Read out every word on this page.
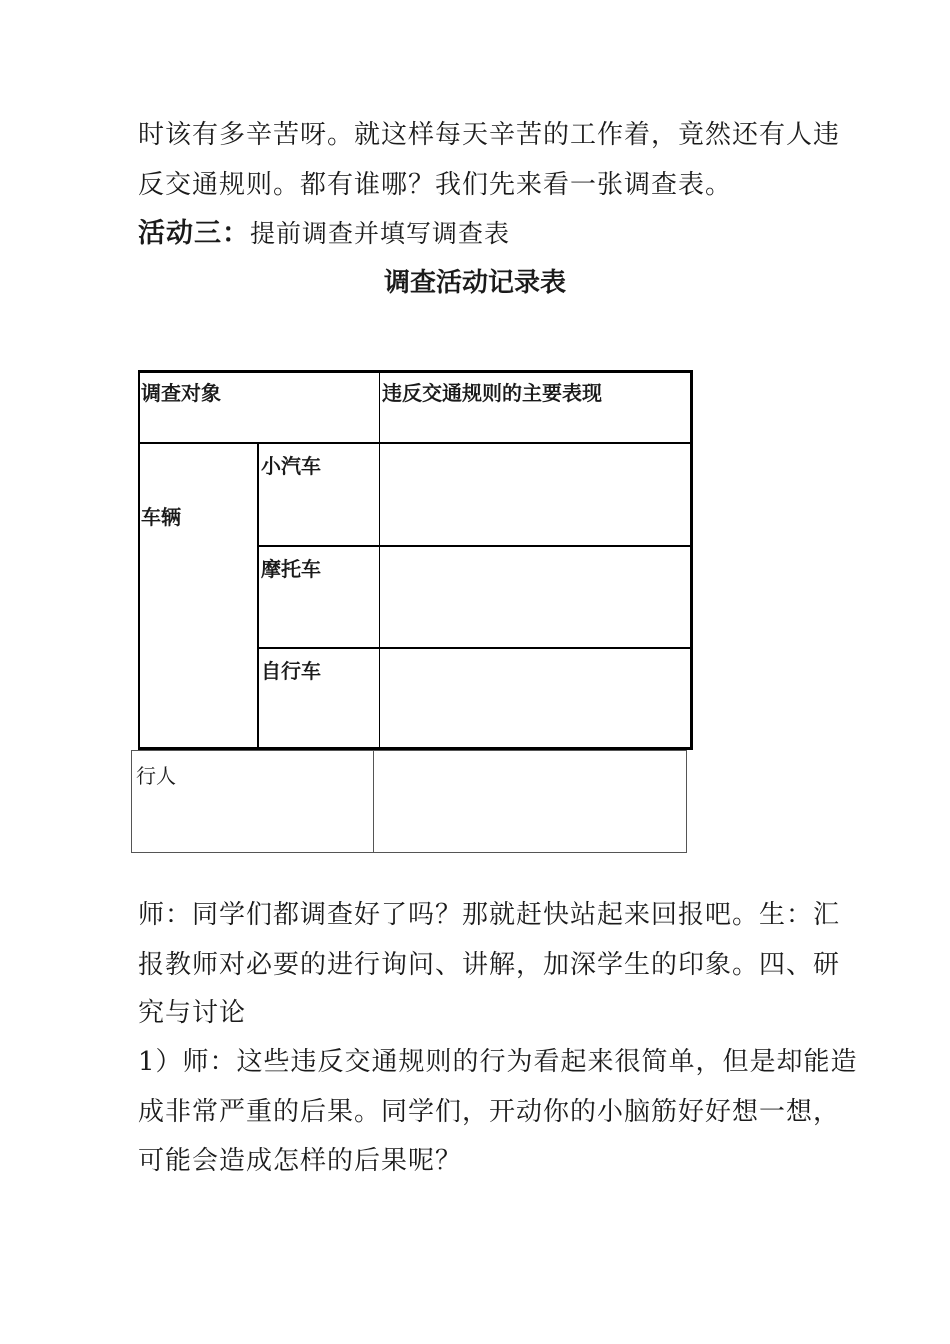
时该有多辛苦呀。就这样每天辛苦的工作着，竟然还有人违
反交通规则。都有谁哪？我们先来看一张调查表。
活动三：提前调查并填写调查表
调查活动记录表
调查对象	违反交通规则的主要表现
车辆
小汽车
摩托车
自行车
行人
师：同学们都调查好了吗？那就赶快站起来回报吧。生：汇
报教师对必要的进行询问、讲解，加深学生的印象。四、研
究与讨论
1）师：这些违反交通规则的行为看起来很简单，但是却能造
成非常严重的后果。同学们，开动你的小脑筋好好想一想，
可能会造成怎样的后果呢？
